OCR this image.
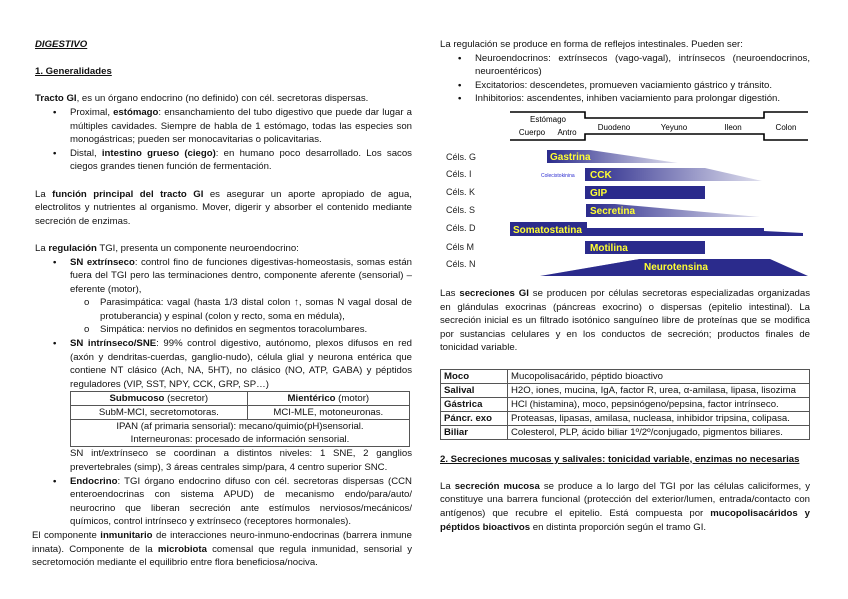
DIGESTIVO

1. Generalidades

Tracto GI, es un órgano endocrino (no definido) con cél. secretoras dispersas.
• Proximal, estómago: ensanchamiento del tubo digestivo que puede dar lugar a múltiples cavidades. Siempre de habla de 1 estómago, todas las especies son monogástricas; pueden ser monocavitarias o policavitarias.
• Distal, intestino grueso (ciego): en humano poco desarrollado. Los sacos ciegos grandes tienen función de fermentación.

La función principal del tracto GI es asegurar un aporte apropiado de agua, electrolitos y nutrientes al organismo. Mover, digerir y absorber el contenido mediante secreción de enzimas.

La regulación TGI, presenta un componente neuroendocrino:
• SN extrínseco: control fino de funciones digestivas-homeostasis, somas están fuera del TGI pero las terminaciones dentro, componente aferente (sensorial) – eferente (motor),
o Parasimpática: vagal (hasta 1/3 distal colon ↑, somas N vagal dosal de protuberancia) y espinal (colon y recto, soma en médula),
o Simpática: nervios no definidos en segmentos toracolumbares.
• SN intrínseco/SNE: 99% control digestivo, autónomo, plexos difusos en red (axón y dendritas-cuerdas, ganglio-nudo), célula glial y neurona entérica que contiene NT clásico (Ach, NA, 5HT), no clásico (NO, ATP, GABA) y péptidos reguladores (VIP, SST, NPY, CCK, GRP, SP…)
Submucoso (secretor)	Mientérico (motor)
SubM-MCI, secretomotoras.	MCI-MLE, motoneuronas.
IPAN (af primaria sensorial): mecano/quimio(pH)sensorial.
Interneuronas: procesado de información sensorial.	
SN int/extrínseco se coordinan a distintos niveles: 1 SNE, 2 ganglios prevertebrales (simp), 3 áreas centrales simp/para, 4 centro superior SNC.
• Endocrino: TGI órgano endocrino difuso con cél. secretoras dispersas (CCN enteroendocrinas con sistema APUD) de mecanismo endo/para/auto/ neurocrino que liberan secreción ante estímulos nerviosos/mecánicos/ químicos, control intrínseco y extrínseco (receptores hormonales).
El componente inmunitario de interacciones neuro-inmuno-endocrinas (barrera inmune innata). Componente de la microbiota comensal que regula inmunidad, sensorial y secretomoción mediante el equilibrio entre flora beneficiosa/nociva.
La regulación se produce en forma de reflejos intestinales. Pueden ser:
• Neuroendocrinos: extrínsecos (vago-vagal), intrínsecos (neuroendocrinos, neuroentéricos)
• Excitatorios: descendetes, promueven vaciamiento gástrico y tránsito.
• Inhibitorios: ascendentes, inhiben vaciamiento para prolongar digestión.
Estómago
Cuerpo Antro
Duodeno	Yeyuno	Ileon	Colon
Céls. G
Céls. I
Céls. K
Céls. S
Céls. D
Céls M
Céls. N
Gastrina
CCK
GIP
Secretina
Somatostatina
Motilina
Neurotensina
Colecistokinina

Las secreciones GI se producen por células secretoras especializadas organizadas en glándulas exocrinas (páncreas exocrino) o dispersas (epitelio intestinal). La secreción inicial es un filtrado isotónico sanguíneo libre de proteínas que se modifica por sustancias celulares y en los conductos de secreción; productos finales de tonicidad variable.

Moco	Mucopolisacárido, péptido bioactivo
Salival	H2O, iones, mucina, IgA, factor R, urea, α-amilasa, lipasa, lisozima
Gástrica	HCl (histamina), moco, pepsinógeno/pepsina, factor intrínseco.
Páncr. exo	Proteasas, lipasas, amilasa, nucleasa, inhibidor tripsina, colipasa.
Biliar	Colesterol, PLP, ácido biliar 1º/2º/conjugado, pigmentos biliares.

2. Secreciones mucosas y salivales: tonicidad variable, enzimas no necesarias

La secreción mucosa se produce a lo largo del TGI por las células caliciformes, y constituye una barrera funcional (protección del exterior/lumen, entrada/contacto con antígenos) que recubre el epitelio. Está compuesta por mucopolisacáridos y péptidos bioactivos en distinta proporción según el tramo GI.
